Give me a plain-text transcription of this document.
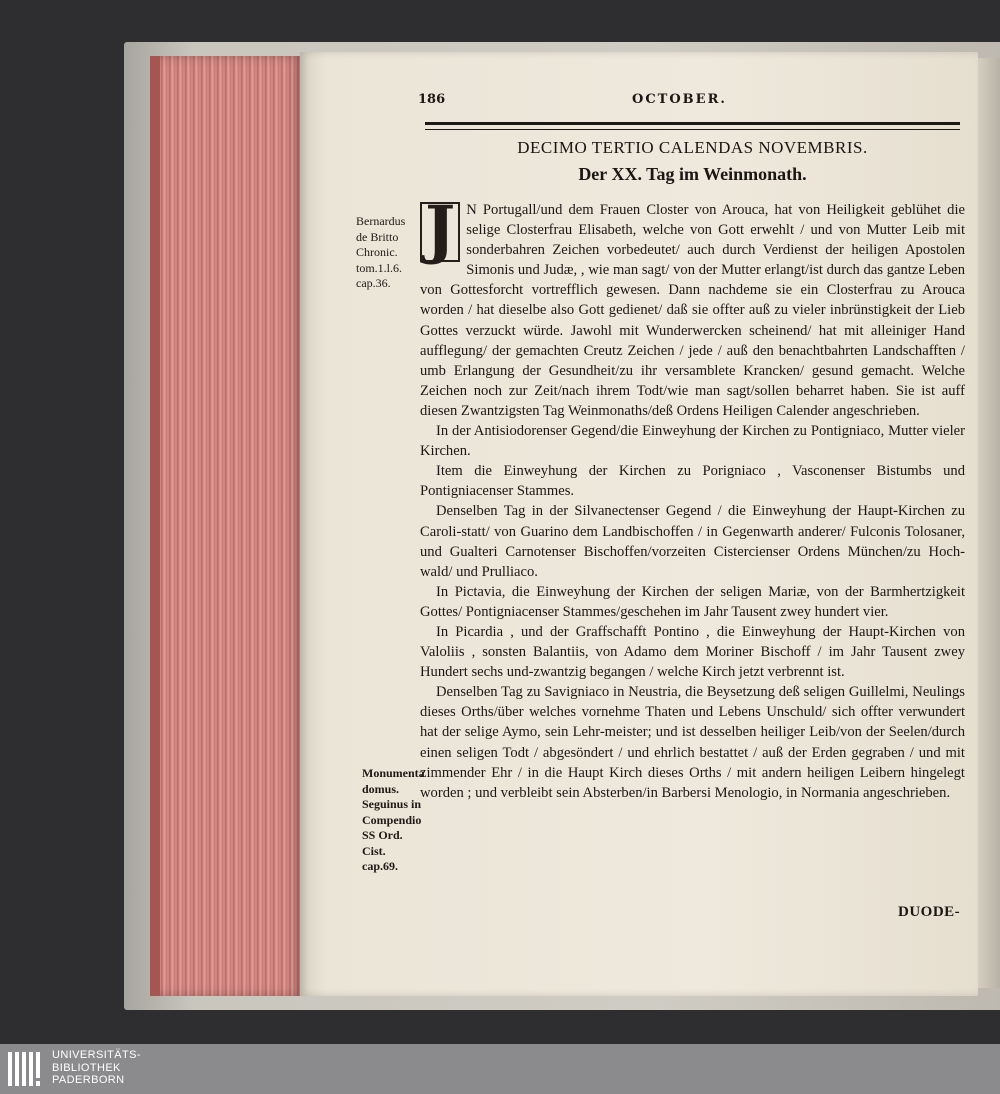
186	OCTOBER.
DECIMO TERTIO CALENDAS NOVEMBRIS.
Der XX. Tag im Weinmonath.
Bernardus de Britto Chronic. tom.1.l.6. cap.36.
Monumenta domus. Seguinus in Compendio SS Ord. Cist. cap.69.

J N Portugall/und dem Frauen Closter von Arouca, hat von Heiligkeit geblühet die selige Closterfrau Elisabeth, welche von Gott erwehlt / und von Mutter Leib mit sonderbahren Zeichen vorbedeutet/ auch durch Verdienst der heiligen Apostolen Simonis und Judæ, , wie man sagt/ von der Mutter erlangt/ist durch das gantze Leben von Gottesforcht vortrefflich gewesen. Dann nachdeme sie ein Closterfrau zu Arouca worden / hat dieselbe also Gott gedienet/ daß sie offter auß zu vieler inbrünstigkeit der Lieb Gottes verzuckt würde. Jawohl mit Wunderwercken scheinend/ hat mit alleiniger Hand aufflegung/ der gemachten Creutz Zeichen / jede / auß den benachtbahrten Landschafften / umb Erlangung der Gesundheit/zu ihr versamblete Krancken/ gesund gemacht. Welche Zeichen noch zur Zeit/nach ihrem Todt/wie man sagt/sollen beharret haben. Sie ist auff diesen Zwantzigsten Tag Weinmonaths/deß Ordens Heiligen Calender angeschrieben.

In der Antisiodorenser Gegend/die Einweyhung der Kirchen zu Pontigniaco, Mutter vieler Kirchen.

Item die Einweyhung der Kirchen zu Porigniaco , Vasconenser Bistumbs und Pontigniacenser Stammes.

Denselben Tag in der Silvanectenser Gegend / die Einweyhung der Haupt-Kirchen zu Caroli-statt/ von Guarino dem Landbischoffen / in Gegenwarth anderer/ Fulconis Tolosaner, und Gualteri Carnotenser Bischoffen/vorzeiten Cistercienser Ordens München/zu Hoch-wald/ und Prulliaco.

In Pictavia, die Einweyhung der Kirchen der seligen Mariæ, von der Barmhertzigkeit Gottes/ Pontigniacenser Stammes/geschehen im Jahr Tausent zwey hundert vier.

In Picardia , und der Graffschafft Pontino , die Einweyhung der Haupt-Kirchen von Valoliis , sonsten Balantiis, von Adamo dem Moriner Bischoff / im Jahr Tausent zwey Hundert sechs und-zwantzig begangen / welche Kirch jetzt verbrennt ist.

Denselben Tag zu Savigniaco in Neustria, die Beysetzung deß seligen Guillelmi, Neulings dieses Orths/über welches vornehme Thaten und Lebens Unschuld/ sich offter verwundert hat der selige Aymo, sein Lehr-meister; und ist desselben heiliger Leib/von der Seelen/durch einen seligen Todt / abgesöndert / und ehrlich bestattet / auß der Erden gegraben / und mit zimmender Ehr / in die Haupt Kirch dieses Orths / mit andern heiligen Leibern hingelegt worden ; und verbleibt sein Absterben/in Barbersi Menologio, in Normania angeschrieben.

DUODE-
UNIVERSITÄTS-
BIBLIOTHEK
PADERBORN
